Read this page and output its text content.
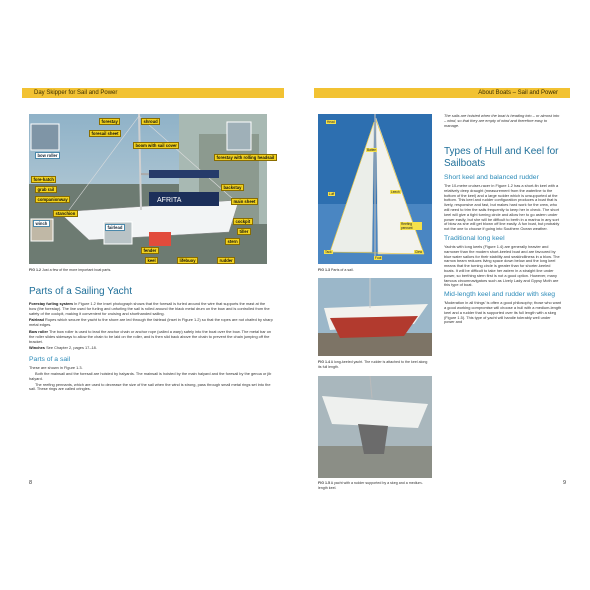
Day Skipper for Sail and Power
AFRITA
forestay	shroud
foresail sheet
boom with sail cover
bow roller	forestay with rolling headsail
fore-hatch
grab rail	backstay
companionway	main sheet
stanchion
cockpit
winch
fairlead
tiller
stern
fender
keel	lifebuoy	rudder
FIG 1.2 Just a few of the more important boat parts.
Parts of a Sailing Yacht

Forestay furling system In Figure 1.2 the inset photograph shows that the foresail is furled around the wire that supports the mast at the bow (the forestay). The line used for furling and unfurling the sail is rolled around the black metal drum on the bow and is controlled from the safety of the cockpit, making it convenient for cruising and shorthanded sailing.

Fairlead Ropes which secure the yacht to the shore are led through the fairlead (inset in Figure 1.2) so that the ropes are not chafed by sharp metal edges.

Bow roller The bow roller is used to lead the anchor chain or anchor rope (called a warp) safely into the boat over the bow. The metal bar on the roller slides sideways to allow the chain to be laid on the roller, and is then slid back above the chain to prevent the chain jumping off the bracket.

Winches See Chapter 2, pages 17–18.

Parts of a sail

These are shown in Figure 1.3.

Both the mainsail and the foresail are hoisted by halyards. The mainsail is hoisted by the main halyard and the foresail by the genoa or jib halyard.

The reefing pennants, which are used to decrease the size of the sail when the wind is strong, pass through small metal rings set into the sail. These rings are called cringles.

8
About Boats – Sail and Power
Head
Batten
Luff	Leech
Reefing pennant
Tack
Foot
Clew
FIG 1.3 Parts of a sail.
FIG 1.4 A long-keeled yacht. The rudder is attached to the keel along its full length.
FIG 1.5 A yacht with a rudder supported by a skeg and a medium-length keel.
The sails are hoisted when the boat is heading into – or almost into – wind, so that they are empty of wind and therefore easy to manage.
Types of Hull and Keel for Sailboats
Short keel and balanced rudder

The 10-metre cruiser-racer in Figure 1.2 has a short-fin keel with a relatively deep draught (measurement from the waterline to the bottom of the keel) and a large rudder which is unsupported at the bottom. This keel and rudder configuration produces a boat that is lively, responsive and fast, but makes hard work for the crew, who will need to trim the sails frequently to keep her in check. The short keel will give a tight turning circle and allow her to go astern under power easily, but she will be difficult to berth in a marina in any sort of blow as she will get blown off line easily. A fun boat, but probably not the one to choose if going into Southern Ocean weather.

Traditional long keel

Yachts with long keels (Figure 1.4) are generally heavier and narrower than the modern short-keeled boat and are favoured by blue water sailors for their stability and seakindliness in a blow. The narrow beam reduces living space down below and the long keel means that the turning circle is greater than for shorter-keeled boats. It will be difficult to take her astern in a straight line under power, so berthing stern first is not a good option. However, many famous circumnavigators such as Lively Lady and Gypsy Moth are this type of boat.

Mid-length keel and rudder with skeg

'Moderation in all things' is often a good philosophy; those who want a good working compromise will choose a hull with a medium-length keel and a rudder that is supported over its full length with a skeg (Figure 1.5). This type of yacht will handle tolerably well under power and

9
